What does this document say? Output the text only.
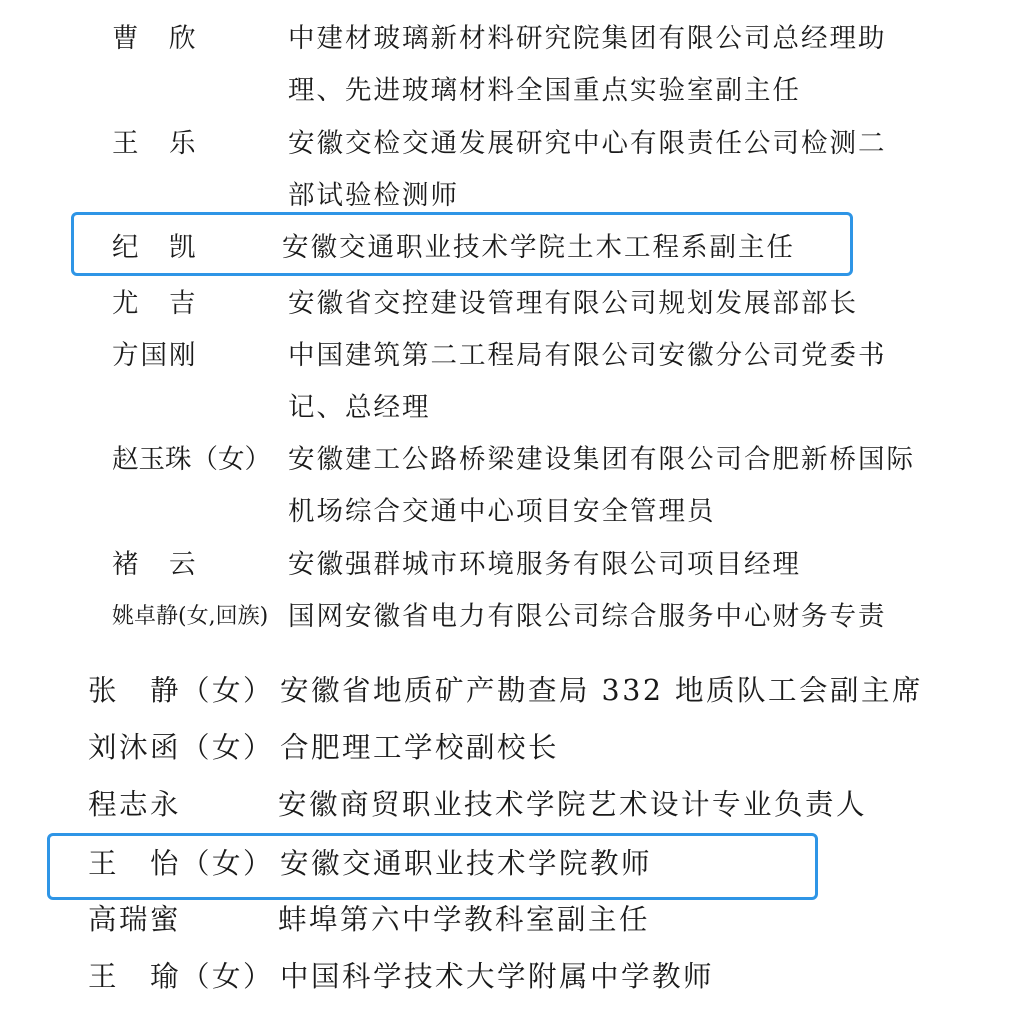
曹　欣	中建材玻璃新材料研究院集团有限公司总经理助
理、先进玻璃材料全国重点实验室副主任
王　乐	安徽交检交通发展研究中心有限责任公司检测二
部试验检测师
纪　凯	安徽交通职业技术学院土木工程系副主任
尤　吉	安徽省交控建设管理有限公司规划发展部部长
方国刚	中国建筑第二工程局有限公司安徽分公司党委书
记、总经理
赵玉珠（女） 安徽建工公路桥梁建设集团有限公司合肥新桥国际
机场综合交通中心项目安全管理员
褚　云	安徽强群城市环境服务有限公司项目经理
姚卓静(女,回族) 国网安徽省电力有限公司综合服务中心财务专责
张　静（女） 安徽省地质矿产勘查局 332 地质队工会副主席
刘沐函（女） 合肥理工学校副校长
程志永	安徽商贸职业技术学院艺术设计专业负责人
王　怡（女） 安徽交通职业技术学院教师
高瑞蜜	蚌埠第六中学教科室副主任
王　瑜（女） 中国科学技术大学附属中学教师
